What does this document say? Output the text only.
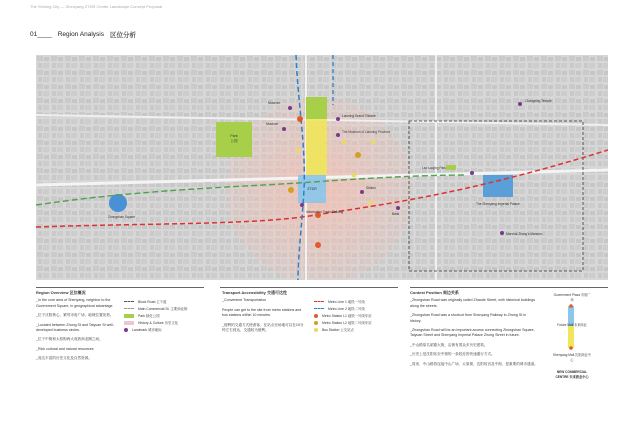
The Shining City — Shenyang ZTDR Center Landscape Concept Proposal
01____ Region Analysis 区位分析
Park
公园
ZTDR
Museum
Museum
Liaoning Grand Theatre
The Museum of Liaoning Province
Changning Temple
Lao Laojing Park
The Shenyang Imperial Palace
Marshal Zhang's Mansion
Zhongshan Square
Information Trade Building	Bank
Station
Region Overview 区位概况

_In the core area of Shenyang, neighbor to the Government Square, in geographical advantage

_位于沈阳核心，紧邻市府广场，地理位置优势。

_Located between Zhong St and Taiyuan St well-developed business circles.

_位于中街和太原街两大成熟商业圈之间。

_Rich cultural and natural resources

_周边丰富的历史文化及自然资源。

Block Road 主干道
Main Commercial St. 主要商业街
Park 绿化公园
History & Culture 历史文化
Landmark 城市地标
Transport Accessibility 交通可达性

_Convenient Transportation

People can get to the site from metro stations and bus stations within 10 minutes.

_便利的交通方式使游客，在站点至场地可以在10分钟左右到达，交通较为便利。

Metro Line 1 地铁一号线
Metro Line 2 地铁二号线
Metro Station L1 地铁一号线车站
Metro Station L2 地铁二号线车站
Bus Station 公交站点
Context Position 周边关系

_Zhongshan Road was originally called Zhaode Street, with historical buildings along the streets.

_Zhongshan Road was a shortcut from Shenyang Railway to Zhong St in history.

_Zhongshan Road will be an important access connecting Zhongshan Square, Taiyuan Street and Shenyang Imperial Palace Zhong Street in future.

_中山路原名昭德大街，沿街有着众多历史建筑。

_历史上是沈阳站至中街的一条较近的快速通行方式。

_将来，中山路将连接中山广场、太原街、沈阳故宫及中街，是重要的城市通道。

Government Plaza 市府广场
Future Mall 未来商业
Shenyang Mall 沈阳商业中心
NEW COMMERCIAL CENTRE 未来商业中心
